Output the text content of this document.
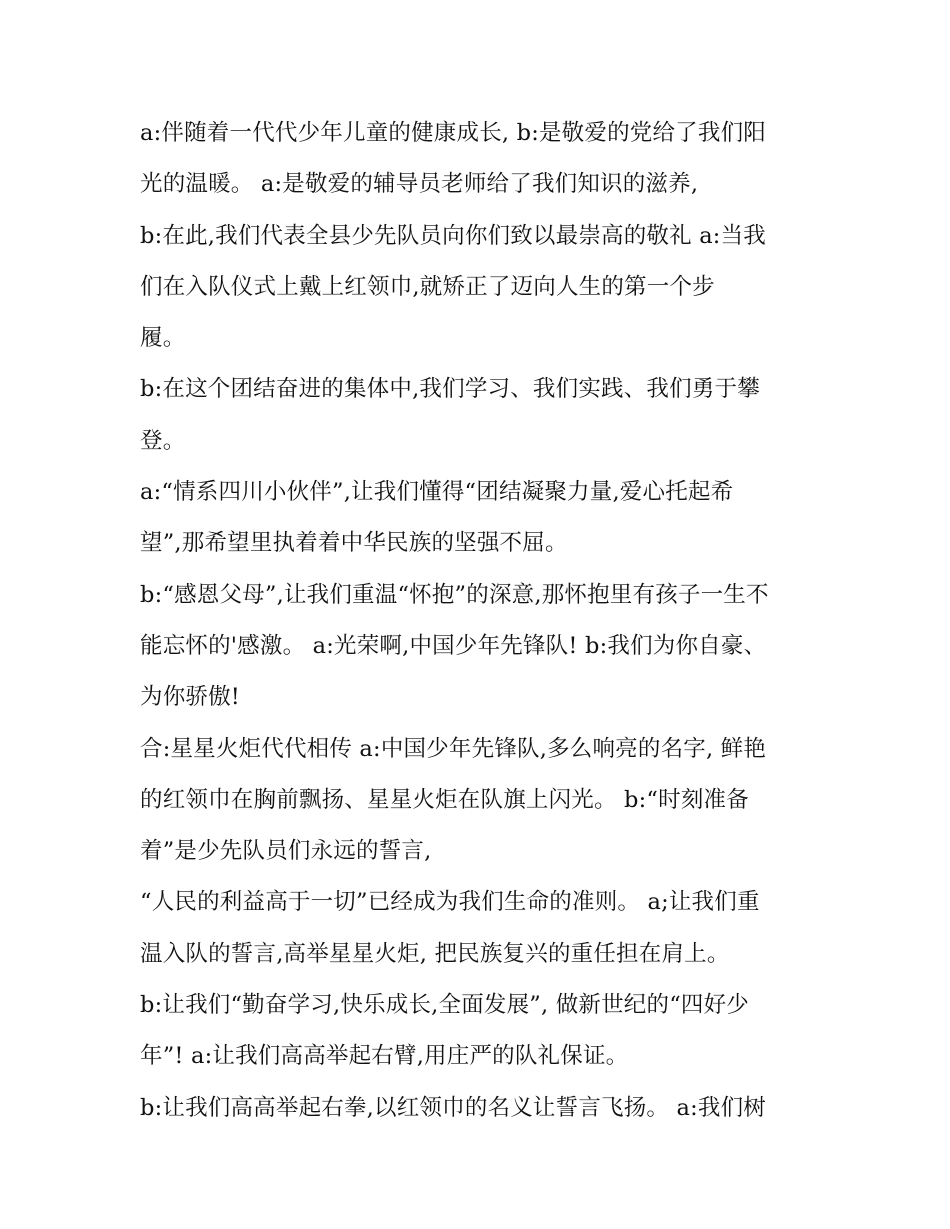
a:伴随着一代代少年儿童的健康成长, b:是敬爱的党给了我们阳
光的温暖。 a:是敬爱的辅导员老师给了我们知识的滋养,
b:在此,我们代表全县少先队员向你们致以最崇高的敬礼 a:当我
们在入队仪式上戴上红领巾,就矫正了迈向人生的第一个步
履。
b:在这个团结奋进的集体中,我们学习、我们实践、我们勇于攀
登。
a:“情系四川小伙伴”,让我们懂得“团结凝聚力量,爱心托起希
望”,那希望里执着着中华民族的坚强不屈。
b:“感恩父母”,让我们重温“怀抱”的深意,那怀抱里有孩子一生不
能忘怀的'感激。 a:光荣啊,中国少年先锋队! b:我们为你自豪、
为你骄傲!
合:星星火炬代代相传 a:中国少年先锋队,多么响亮的名字, 鲜艳
的红领巾在胸前飘扬、星星火炬在队旗上闪光。 b:“时刻准备
着”是少先队员们永远的誓言,
“人民的利益高于一切”已经成为我们生命的准则。 a;让我们重
温入队的誓言,高举星星火炬, 把民族复兴的重任担在肩上。
b:让我们“勤奋学习,快乐成长,全面发展”, 做新世纪的“四好少
年”! a:让我们高高举起右臂,用庄严的队礼保证。
b:让我们高高举起右拳,以红领巾的名义让誓言飞扬。 a:我们树
